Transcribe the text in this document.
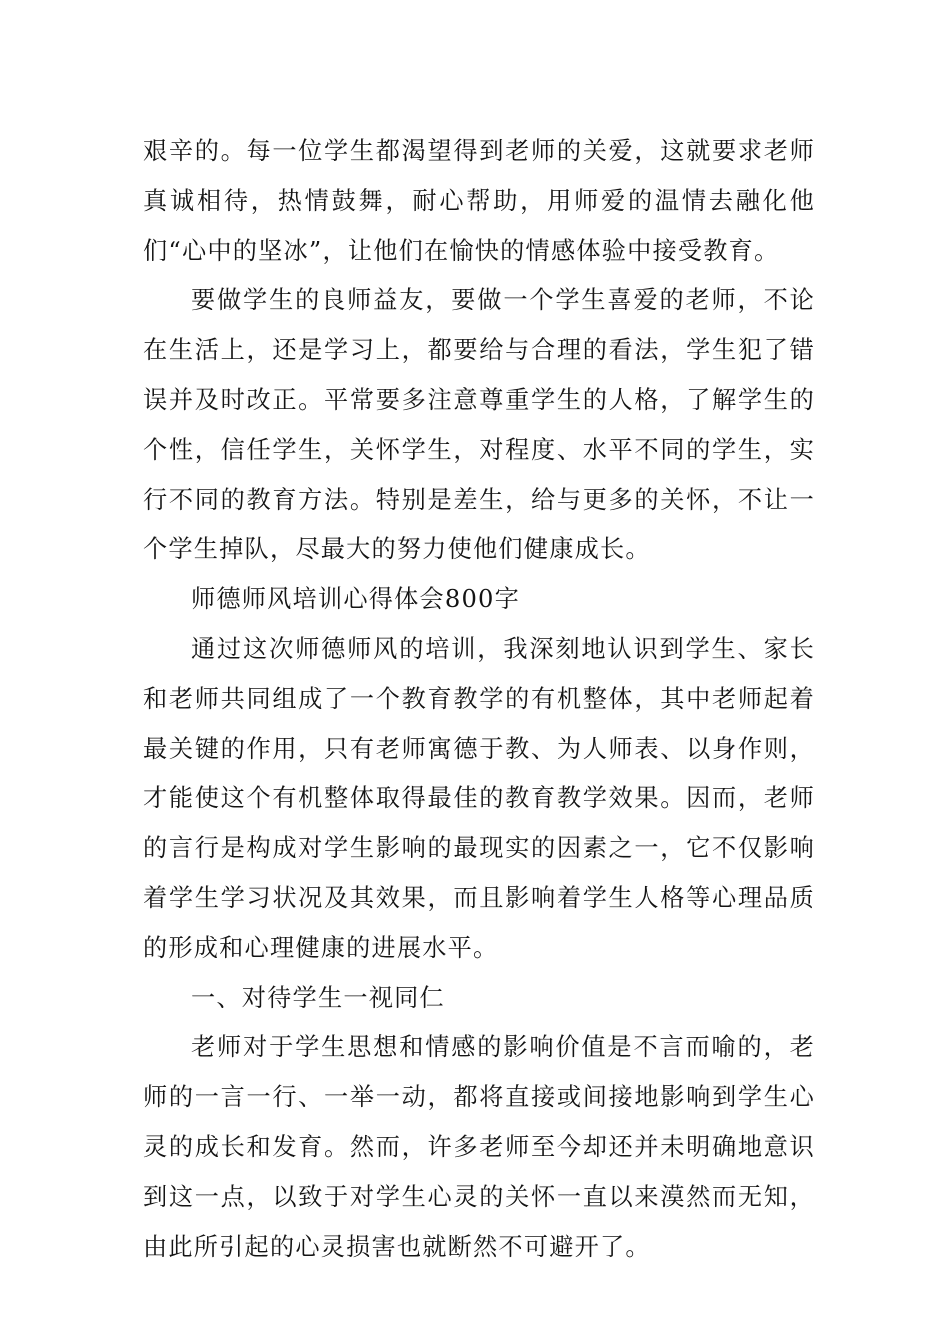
艰辛的。每一位学生都渴望得到老师的关爱，这就要求老师真诚相待，热情鼓舞，耐心帮助，用师爱的温情去融化他们“心中的坚冰”，让他们在愉快的情感体验中接受教育。

要做学生的良师益友，要做一个学生喜爱的老师，不论在生活上，还是学习上，都要给与合理的看法，学生犯了错误并及时改正。平常要多注意尊重学生的人格，了解学生的个性，信任学生，关怀学生，对程度、水平不同的学生，实行不同的教育方法。特别是差生，给与更多的关怀，不让一个学生掉队，尽最大的努力使他们健康成长。

师德师风培训心得体会800字

通过这次师德师风的培训，我深刻地认识到学生、家长和老师共同组成了一个教育教学的有机整体，其中老师起着最关键的作用，只有老师寓德于教、为人师表、以身作则，才能使这个有机整体取得最佳的教育教学效果。因而，老师的言行是构成对学生影响的最现实的因素之一，它不仅影响着学生学习状况及其效果，而且影响着学生人格等心理品质的形成和心理健康的进展水平。

一、对待学生一视同仁

老师对于学生思想和情感的影响价值是不言而喻的，老师的一言一行、一举一动，都将直接或间接地影响到学生心灵的成长和发育。然而，许多老师至今却还并未明确地意识到这一点，以致于对学生心灵的关怀一直以来漠然而无知，由此所引起的心灵损害也就断然不可避开了。
